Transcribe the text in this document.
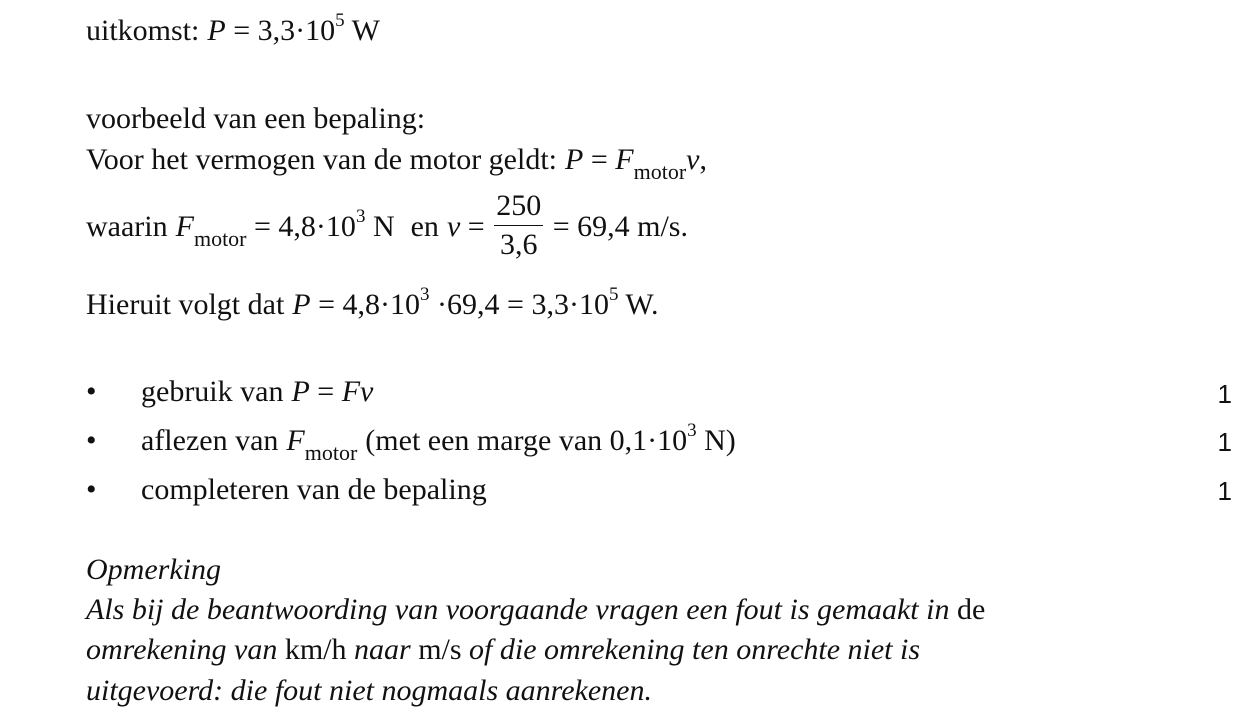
uitkomst: $P = 3,3\cdot 10^5$ W
voorbeeld van een bepaling:
Voor het vermogen van de motor geldt: $P = F_{motor}v$,
waarin $F_{motor} = 4,8\cdot 10^3$ N en $v = \frac{250}{3,6} = 69,4$ m/s.
Hieruit volgt dat $P = 4,8\cdot 10^3 \cdot 69,4 = 3,3\cdot 10^5$ W.
•	gebruik van P = Fv	1
•	aflezen van $F_{motor}$ (met een marge van $0,1\cdot 10^3$ N)	1
•	completeren van de bepaling	1
Opmerking
Als bij de beantwoording van voorgaande vragen een fout is gemaakt in de
omrekening van km/h naar m/s of die omrekening ten onrechte niet is
uitgevoerd: die fout niet nogmaals aanrekenen.
